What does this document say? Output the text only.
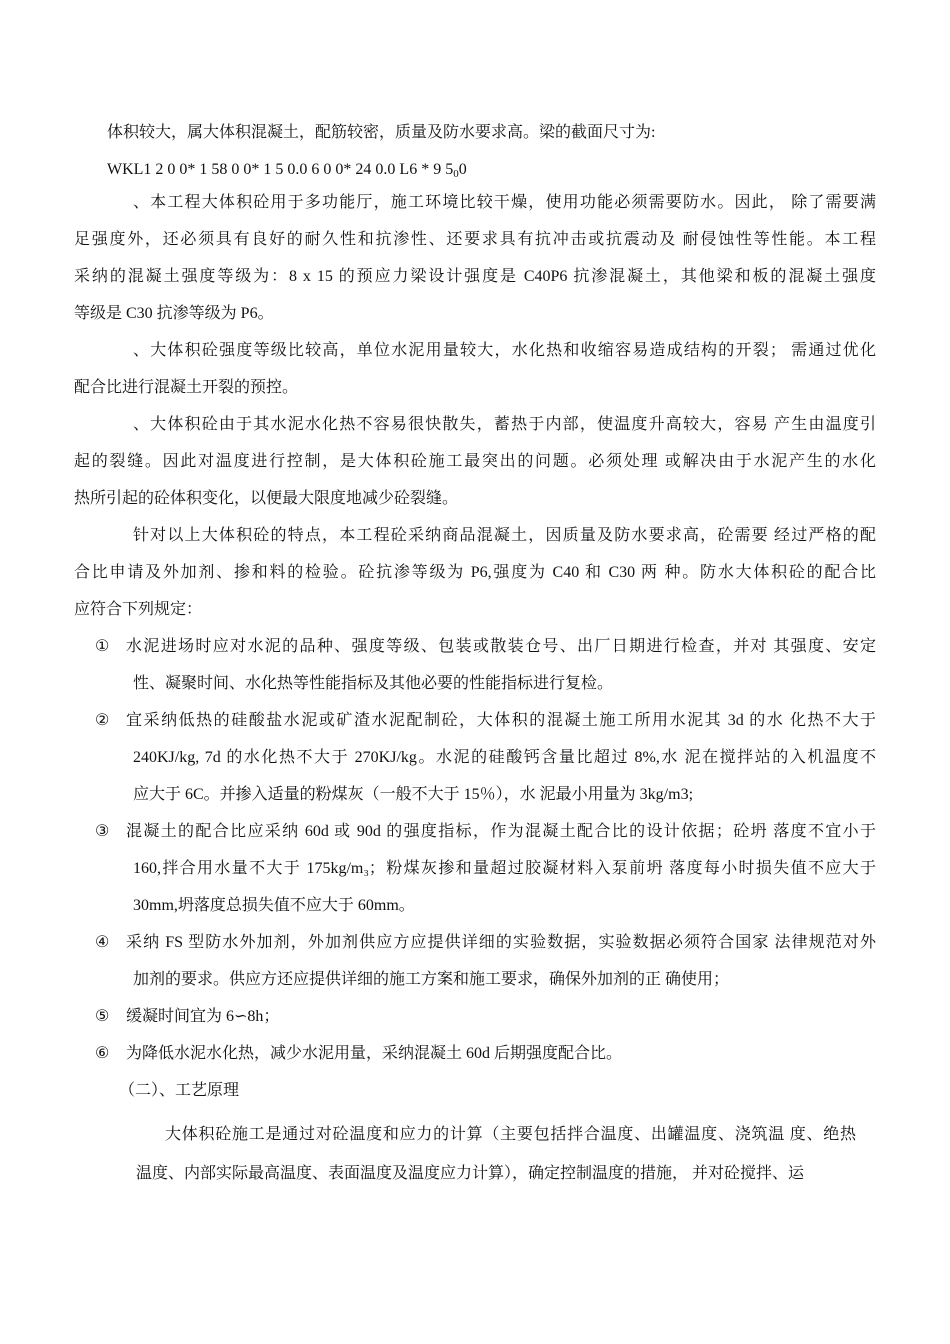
体积较大，属大体积混凝土，配筋较密，质量及防水要求高。梁的截面尺寸为:
WKL1 2 0 0* 1 58 0 0* 1 5 0.0 6 0 0* 24 0.0 L6 * 9 $5_00$
、本工程大体积砼用于多功能厅，施工环境比较干燥，使用功能必须需要防水。因此， 除了需要满
足强度外，还必须具有良好的耐久性和抗渗性、还要求具有抗冲击或抗震动及 耐侵蚀性等性能。本工程
采纳的混凝土强度等级为：8 x 15 的预应力梁设计强度是 C40P6 抗渗混凝土，其他梁和板的混凝土强度
等级是 C30 抗渗等级为 P6。
、大体积砼强度等级比较高，单位水泥用量较大，水化热和收缩容易造成结构的开裂； 需通过优化
配合比进行混凝土开裂的预控。
、大体积砼由于其水泥水化热不容易很快散失，蓄热于内部，使温度升高较大，容易 产生由温度引
起的裂缝。因此对温度进行控制，是大体积砼施工最突出的问题。必须处理 或解决由于水泥产生的水化
热所引起的砼体积变化，以便最大限度地减少砼裂缝。
针对以上大体积砼的特点，本工程砼采纳商品混凝土，因质量及防水要求高，砼需要 经过严格的配
合比申请及外加剂、掺和料的检验。砼抗渗等级为 P6,强度为 C40 和 C30 两 种。防水大体积砼的配合比
应符合下列规定：
① 水泥进场时应对水泥的品种、强度等级、包装或散装仓号、出厂日期进行检查，并对 其强度、安定
性、凝聚时间、水化热等性能指标及其他必要的性能指标进行复检。
② 宜采纳低热的硅酸盐水泥或矿渣水泥配制砼，大体积的混凝土施工所用水泥其 3d 的水 化热不大于
240KJ/kg, 7d 的水化热不大于 270KJ/kg。水泥的硅酸钙含量比超过 8%,水 泥在搅拌站的入机温度不
应大于 6C。并掺入适量的粉煤灰（一般不大于 15％），水 泥最小用量为 3kg/m3;
③ 混凝土的配合比应采纳 60d 或 90d 的强度指标，作为混凝土配合比的设计依据；砼坍 落度不宜小于
160,拌合用水量不大于 175kg/m₃；粉煤灰掺和量超过胶凝材料入泵前坍 落度每小时损失值不应大于
30mm,坍落度总损失值不应大于 60mm。
④ 采纳 FS 型防水外加剂，外加剂供应方应提供详细的实验数据，实验数据必须符合国家 法律规范对外
加剂的要求。供应方还应提供详细的施工方案和施工要求，确保外加剂的正 确使用；
⑤ 缓凝时间宜为 6∽8h；
⑥ 为降低水泥水化热，减少水泥用量，采纳混凝土 60d 后期强度配合比。
（二）、工艺原理
大体积砼施工是通过对砼温度和应力的计算（主要包括拌合温度、出罐温度、浇筑温 度、绝热
温度、内部实际最高温度、表面温度及温度应力计算），确定控制温度的措施， 并对砼搅拌、运
